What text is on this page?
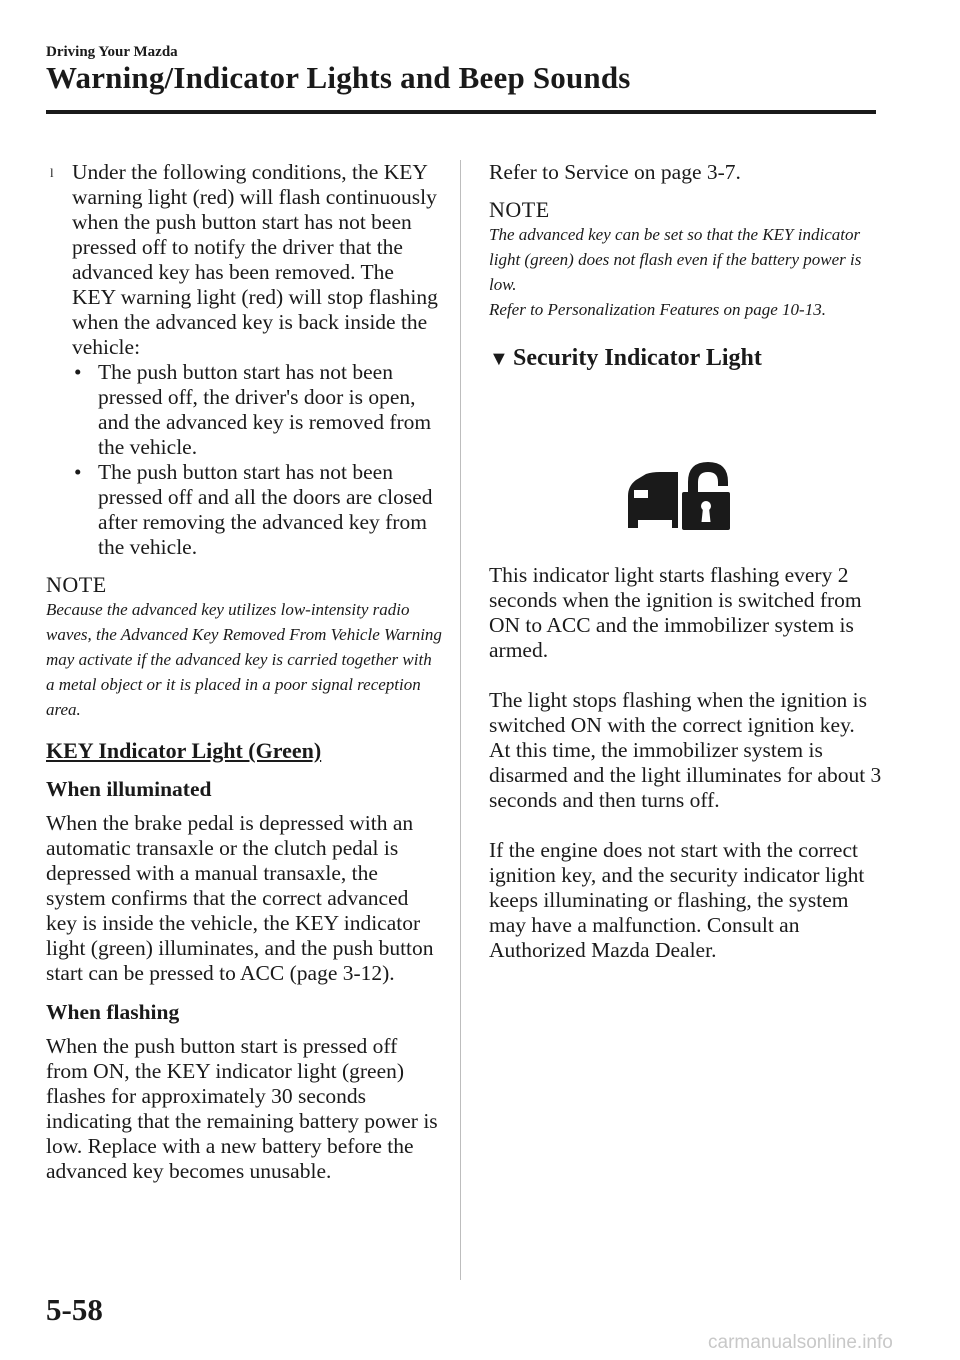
Driving Your Mazda
Warning/Indicator Lights and Beep Sounds

l Under the following conditions, the KEY warning light (red) will flash continuously when the push button start has not been pressed off to notify the driver that the advanced key has been removed. The KEY warning light (red) will stop flashing when the advanced key is back inside the vehicle:

• The push button start has not been pressed off, the driver's door is open, and the advanced key is removed from the vehicle.

• The push button start has not been pressed off and all the doors are closed after removing the advanced key from the vehicle.

NOTE

Because the advanced key utilizes low-intensity radio waves, the Advanced Key Removed From Vehicle Warning may activate if the advanced key is carried together with a metal object or it is placed in a poor signal reception area.

KEY Indicator Light (Green)

When illuminated

When the brake pedal is depressed with an automatic transaxle or the clutch pedal is depressed with a manual transaxle, the system confirms that the correct advanced key is inside the vehicle, the KEY indicator light (green) illuminates, and the push button start can be pressed to ACC (page 3-12).

When flashing

When the push button start is pressed off from ON, the KEY indicator light (green) flashes for approximately 30 seconds indicating that the remaining battery power is low. Replace with a new battery before the advanced key becomes unusable.

Refer to Service on page 3-7.

NOTE

The advanced key can be set so that the KEY indicator light (green) does not flash even if the battery power is low.

Refer to Personalization Features on page 10-13.

▼ Security Indicator Light

This indicator light starts flashing every 2 seconds when the ignition is switched from ON to ACC and the immobilizer system is armed.

The light stops flashing when the ignition is switched ON with the correct ignition key.

At this time, the immobilizer system is disarmed and the light illuminates for about 3 seconds and then turns off.

If the engine does not start with the correct ignition key, and the security indicator light keeps illuminating or flashing, the system may have a malfunction. Consult an Authorized Mazda Dealer.

5-58
carmanualsonline.info
